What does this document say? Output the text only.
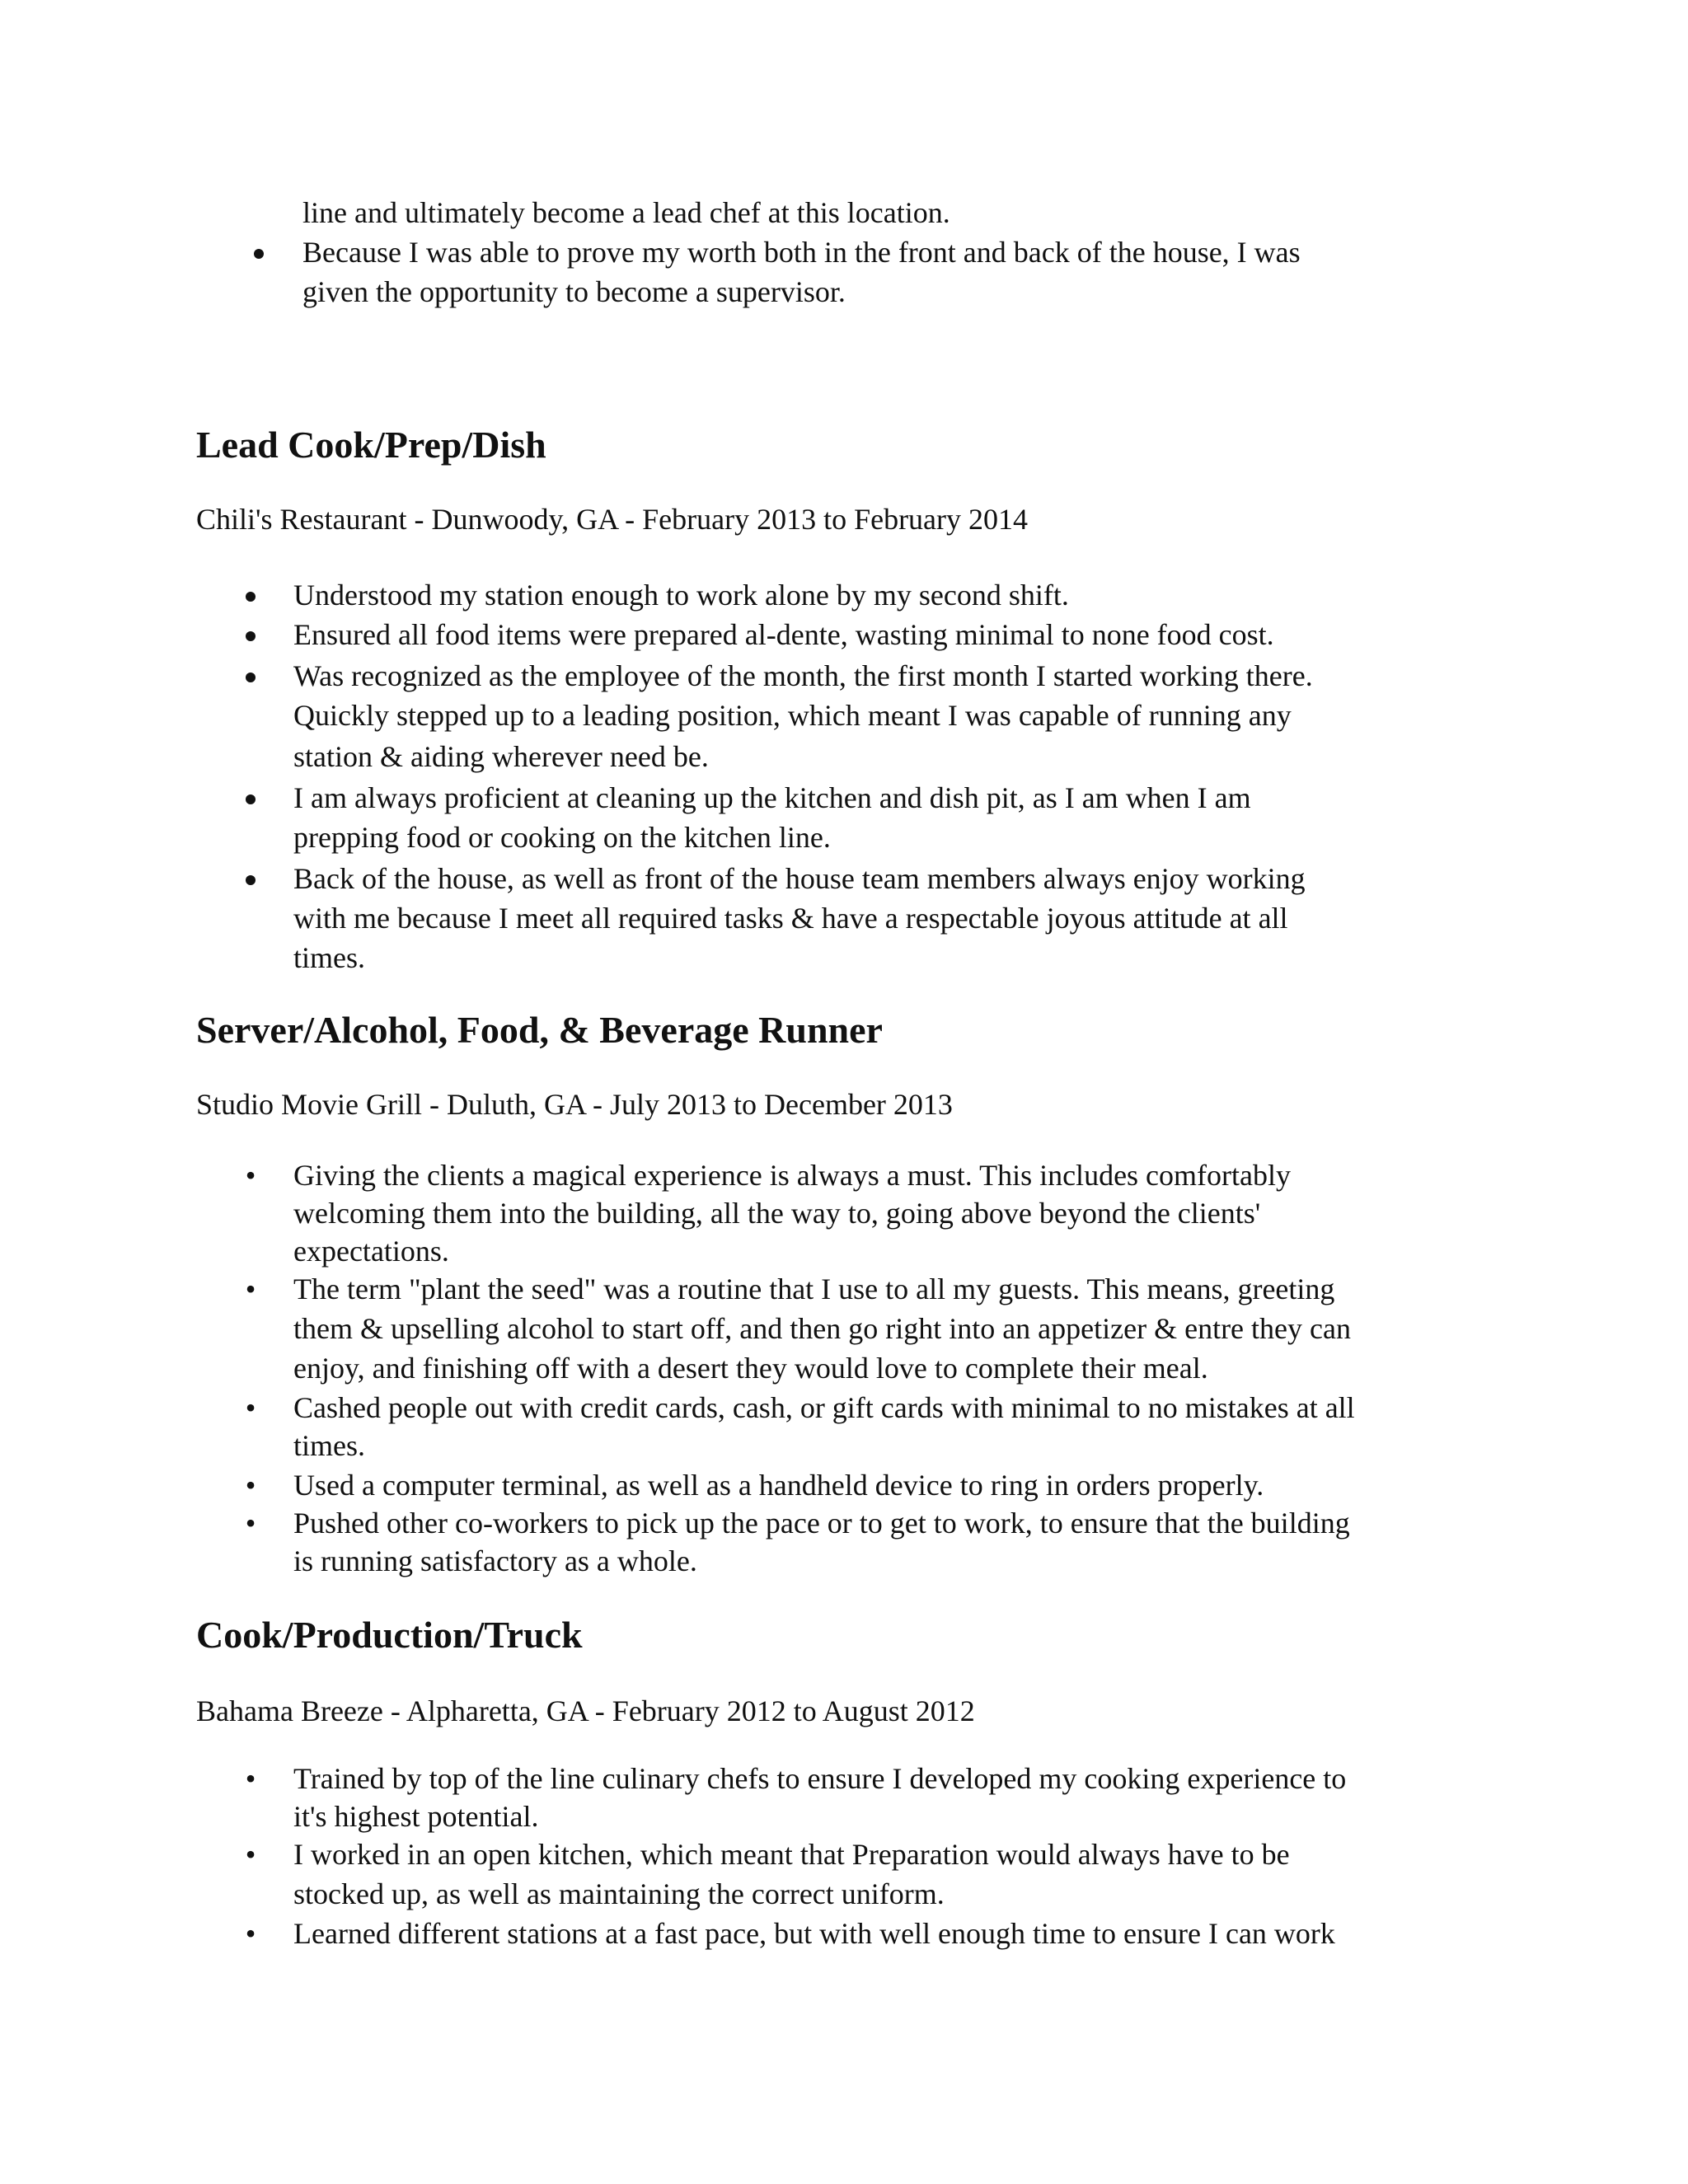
line and ultimately become a lead chef at this location.
Because I was able to prove my worth both in the front and back of the house, I was
given the opportunity to become a supervisor.
Lead Cook/Prep/Dish
Chili's Restaurant - Dunwoody, GA - February 2013 to February 2014
Understood my station enough to work alone by my second shift.
Ensured all food items were prepared al-dente, wasting minimal to none food cost.
Was recognized as the employee of the month, the first month I started working there.
Quickly stepped up to a leading position, which meant I was capable of running any
station & aiding wherever need be.
I am always proficient at cleaning up the kitchen and dish pit, as I am when I am
prepping food or cooking on the kitchen line.
Back of the house, as well as front of the house team members always enjoy working
with me because I meet all required tasks & have a respectable joyous attitude at all
times.
Server/Alcohol, Food, & Beverage Runner
Studio Movie Grill - Duluth, GA - July 2013 to December 2013
•	Giving the clients a magical experience is always a must. This includes comfortably
welcoming them into the building, all the way to, going above beyond the clients'
expectations.
•	The term "plant the seed" was a routine that I use to all my guests. This means, greeting
them & upselling alcohol to start off, and then go right into an appetizer & entre they can
enjoy, and finishing off with a desert they would love to complete their meal.
•	Cashed people out with credit cards, cash, or gift cards with minimal to no mistakes at all
times.
•	Used a computer terminal, as well as a handheld device to ring in orders properly.
•	Pushed other co-workers to pick up the pace or to get to work, to ensure that the building
is running satisfactory as a whole.
Cook/Production/Truck
Bahama Breeze - Alpharetta, GA - February 2012 to August 2012
•	Trained by top of the line culinary chefs to ensure I developed my cooking experience to
it's highest potential.
•	I worked in an open kitchen, which meant that Preparation would always have to be
stocked up, as well as maintaining the correct uniform.
•	Learned different stations at a fast pace, but with well enough time to ensure I can work
